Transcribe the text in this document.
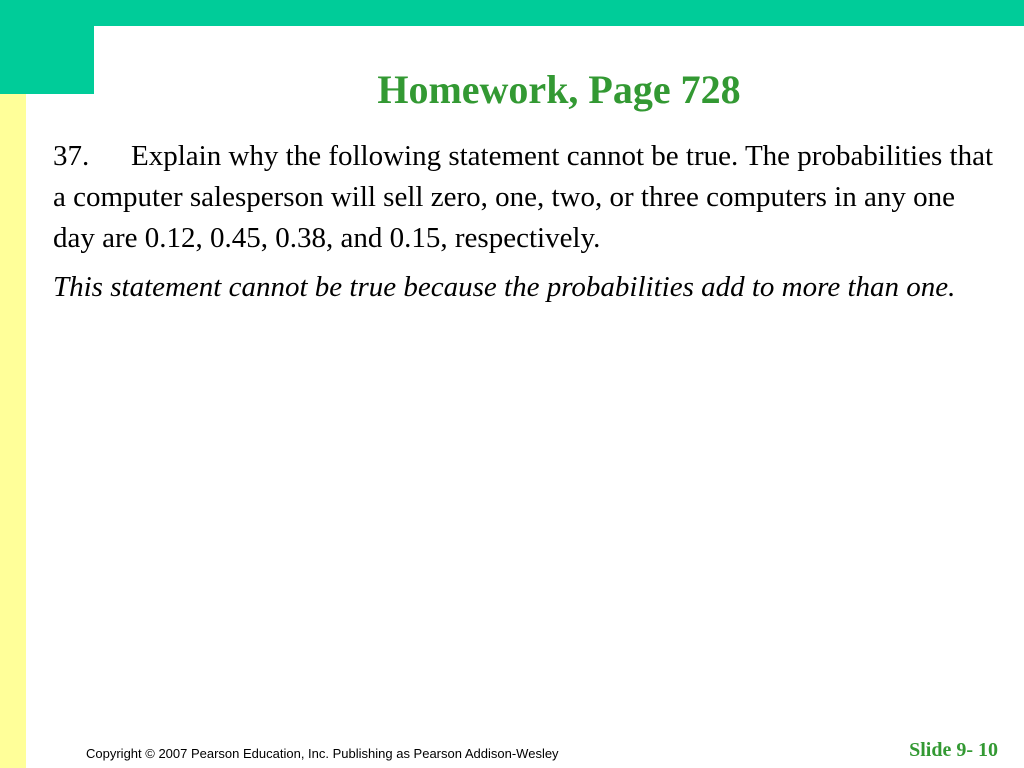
Homework, Page 728

37. Explain why the following statement cannot be true. The probabilities that a computer salesperson will sell zero, one, two, or three computers in any one day are 0.12, 0.45, 0.38, and 0.15, respectively.

This statement cannot be true because the probabilities add to more than one.

Copyright © 2007 Pearson Education, Inc. Publishing as Pearson Addison-Wesley	Slide 9- 10
